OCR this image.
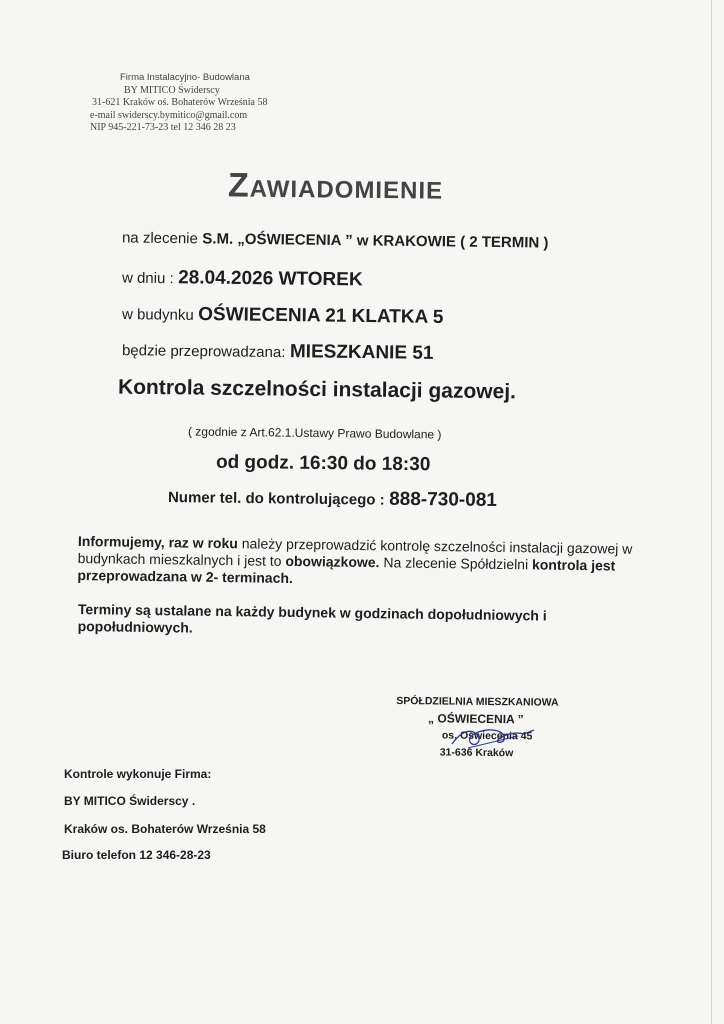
Firma Instalacyjno- Budowlana
BY MITICO Świderscy
31-621 Kraków oś. Bohaterów Września 58
e-mail swiderscy.bymitico@gmail.com
NIP 945-221-73-23 tel 12 346 28 23
Zawiadomienie
na zlecenie S.M. „OŚWIECENIA ” w KRAKOWIE ( 2 TERMIN )
w dniu : 28.04.2026 WTOREK
w budynku OŚWIECENIA 21 KLATKA 5
będzie przeprowadzana: MIESZKANIE 51
Kontrola szczelności instalacji gazowej.
( zgodnie z Art.62.1.Ustawy Prawo Budowlane )
od godz. 16:30 do 18:30
Numer tel. do kontrolującego : 888-730-081
Informujemy, raz w roku należy przeprowadzić kontrolę szczelności instalacji gazowej w budynkach mieszkalnych i jest to obowiązkowe. Na zlecenie Spółdzielni kontrola jest przeprowadzana w 2- terminach.
Terminy są ustalane na każdy budynek w godzinach dopołudniowych i popołudniowych.
SPÓŁDZIELNIA MIESZKANIOWA
„ OŚWIECENIA ”
os. Oświecenia 45
31-636 Kraków
Kontrole wykonuje Firma:
BY MITICO Świderscy .
Kraków os. Bohaterów Września 58
Biuro telefon 12 346-28-23
